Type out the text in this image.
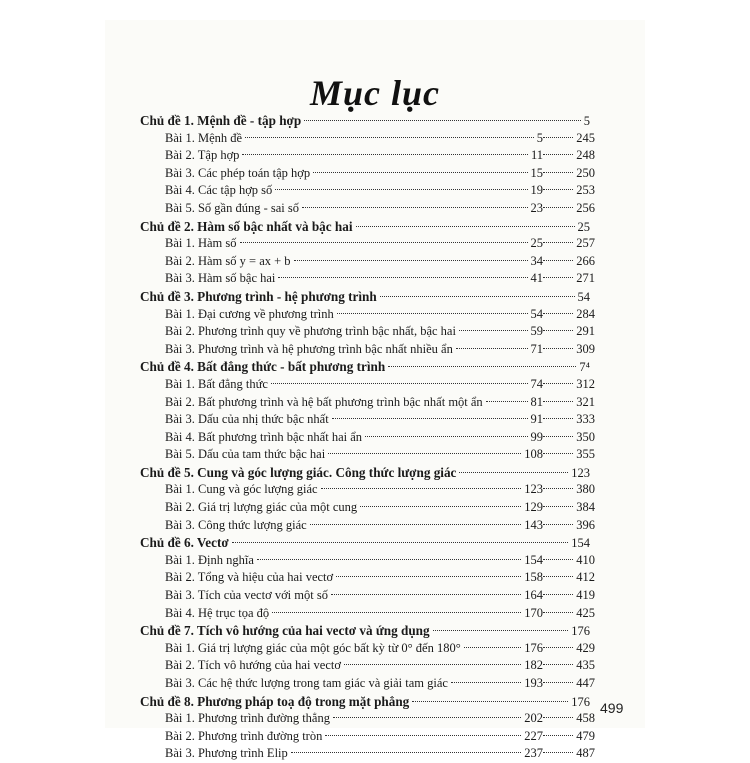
Mục lục
Chủ đề 1. Mệnh đề - tập hợp	5
Bài 1. Mệnh đề	5	245
Bài 2. Tập hợp	11	248
Bài 3. Các phép toán tập hợp	15	250
Bài 4. Các tập hợp số	19	253
Bài 5. Số gần đúng - sai số	23	256
Chủ đề 2. Hàm số bậc nhất và bậc hai	25
Bài 1. Hàm số	25	257
Bài 2. Hàm số y = ax + b	34	266
Bài 3. Hàm số bậc hai	41	271
Chủ đề 3. Phương trình - hệ phương trình	54
Bài 1. Đại cương về phương trình	54	284
Bài 2. Phương trình quy về phương trình bậc nhất, bậc hai	59	291
Bài 3. Phương trình và hệ phương trình bậc nhất nhiều ẩn	71	309
Chủ đề 4. Bất đẳng thức - bất phương trình	7⁴
Bài 1. Bất đẳng thức	74	312
Bài 2. Bất phương trình và hệ bất phương trình bậc nhất một ẩn	81	321
Bài 3. Dấu của nhị thức bậc nhất	91	333
Bài 4. Bất phương trình bậc nhất hai ẩn	99	350
Bài 5. Dấu của tam thức bậc hai	108	355
Chủ đề 5. Cung và góc lượng giác. Công thức lượng giác	123
Bài 1. Cung và góc lượng giác	123	380
Bài 2. Giá trị lượng giác của một cung	129	384
Bài 3. Công thức lượng giác	143	396
Chủ đề 6. Vectơ	154
Bài 1. Định nghĩa	154	410
Bài 2. Tổng và hiệu của hai vectơ	158	412
Bài 3. Tích của vectơ với một số	164	419
Bài 4. Hệ trục tọa độ	170	425
Chủ đề 7. Tích vô hướng của hai vectơ và ứng dụng	176
Bài 1. Giá trị lượng giác của một góc bất kỳ từ 0° đến 180°	176	429
Bài 2. Tích vô hướng của hai vectơ	182	435
Bài 3. Các hệ thức lượng trong tam giác và giải tam giác	193	447
Chủ đề 8. Phương pháp toạ độ trong mặt phẳng	176
Bài 1. Phương trình đường thẳng	202	458
Bài 2. Phương trình đường tròn	227	479
Bài 3. Phương trình Elip	237	487
499
